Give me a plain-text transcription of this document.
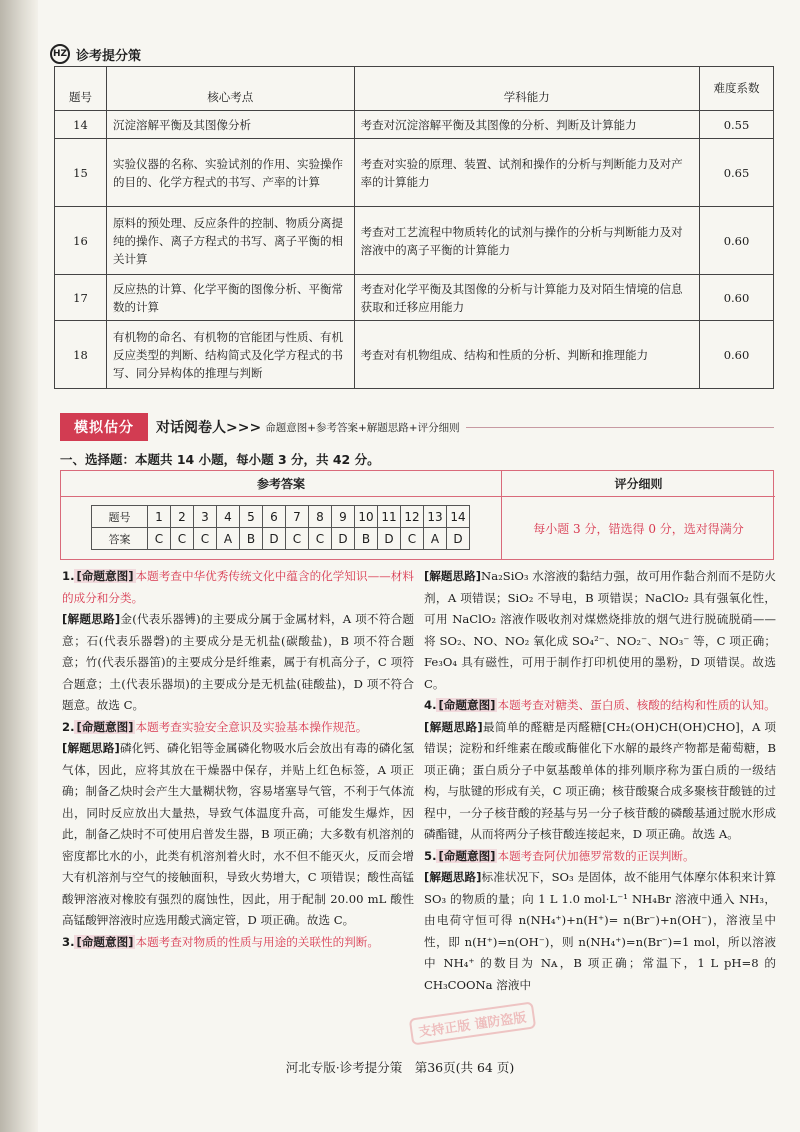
HZ 诊考提分策
题号	核心考点	学科能力	难度系数
14	沉淀溶解平衡及其图像分析	考查对沉淀溶解平衡及其图像的分析、判断及计算能力	0.55
15	实验仪器的名称、实验试剂的作用、实验操作的目的、化学方程式的书写、产率的计算	考查对实验的原理、装置、试剂和操作的分析与判断能力及对产率的计算能力	0.65
16	原料的预处理、反应条件的控制、物质分离提纯的操作、离子方程式的书写、离子平衡的相关计算	考查对工艺流程中物质转化的试剂与操作的分析与判断能力及对溶液中的离子平衡的计算能力	0.60
17	反应热的计算、化学平衡的图像分析、平衡常数的计算	考查对化学平衡及其图像的分析与计算能力及对陌生情境的信息获取和迁移应用能力	0.60
18	有机物的命名、有机物的官能团与性质、有机反应类型的判断、结构简式及化学方程式的书写、同分异构体的推理与判断	考查对有机物组成、结构和性质的分析、判断和推理能力	0.60
模拟估分	对话阅卷人>>> 命题意图+参考答案+解题思路+评分细则
一、选择题：本题共 14 小题，每小题 3 分，共 42 分。
参考答案	评分细则
题号	1	2	3	4	5	6	7	8	9	10	11	12	13	14
答案	C	C	C	A	B	D	C	C	D	B	D	C	A	D
每小题 3 分，错选得 0 分，选对得满分

1. [命题意图] 本题考查中华优秀传统文化中蕴含的化学知识——材料的成分和分类。

[解题思路]金(代表乐器镈)的主要成分属于金属材料，A 项不符合题意；石(代表乐器磬)的主要成分是无机盐(碳酸盐)，B 项不符合题意；竹(代表乐器笛)的主要成分是纤维素，属于有机高分子，C 项符合题意；土(代表乐器埙)的主要成分是无机盐(硅酸盐)，D 项不符合题意。故选 C。

2. [命题意图] 本题考查实验安全意识及实验基本操作规范。

[解题思路]磷化钙、磷化铝等金属磷化物吸水后会放出有毒的磷化氢气体，因此，应将其放在干燥器中保存，并贴上红色标签，A 项正确；制备乙炔时会产生大量糊状物，容易堵塞导气管，不利于气体流出，同时反应放出大量热，导致气体温度升高，可能发生爆炸，因此，制备乙炔时不可使用启普发生器，B 项正确；大多数有机溶剂的密度都比水的小，此类有机溶剂着火时，水不但不能灭火，反而会增大有机溶剂与空气的接触面积，导致火势增大，C 项错误；酸性高锰酸钾溶液对橡胶有强烈的腐蚀性，因此，用于配制 20.00 mL 酸性高锰酸钾溶液时应选用酸式滴定管，D 项正确。故选 C。

3. [命题意图] 本题考查对物质的性质与用途的关联性的判断。

[解题思路]Na₂SiO₃ 水溶液的黏结力强，故可用作黏合剂而不是防火剂，A 项错误；SiO₂ 不导电，B 项错误；NaClO₂ 具有强氧化性，可用 NaClO₂ 溶液作吸收剂对煤燃烧排放的烟气进行脱硫脱硝——将 SO₂、NO、NO₂ 氧化成 SO₄²⁻、NO₂⁻、NO₃⁻ 等，C 项正确；Fe₃O₄ 具有磁性，可用于制作打印机使用的墨粉，D 项错误。故选 C。

4. [命题意图] 本题考查对糖类、蛋白质、核酸的结构和性质的认知。

[解题思路]最简单的醛糖是丙醛糖[CH₂(OH)CH(OH)CHO]，A 项错误；淀粉和纤维素在酸或酶催化下水解的最终产物都是葡萄糖，B 项正确；蛋白质分子中氨基酸单体的排列顺序称为蛋白质的一级结构，与肽键的形成有关，C 项正确；核苷酸聚合成多聚核苷酸链的过程中，一分子核苷酸的羟基与另一分子核苷酸的磷酸基通过脱水形成磷酯键，从而将两分子核苷酸连接起来，D 项正确。故选 A。

5. [命题意图] 本题考查阿伏加德罗常数的正误判断。

[解题思路]标准状况下，SO₃ 是固体，故不能用气体摩尔体积来计算 SO₃ 的物质的量；向 1 L 1.0 mol·L⁻¹ NH₄Br 溶液中通入 NH₃，由电荷守恒可得 n(NH₄⁺)+n(H⁺)= n(Br⁻)+n(OH⁻)，溶液呈中性，即 n(H⁺)=n(OH⁻)，则 n(NH₄⁺)=n(Br⁻)=1 mol，所以溶液中 NH₄⁺ 的数目为 Nᴀ，B 项正确；常温下，1 L pH=8 的 CH₃COONa 溶液中

支持正版 谨防盗版
河北专版·诊考提分策　第36页(共 64 页)
